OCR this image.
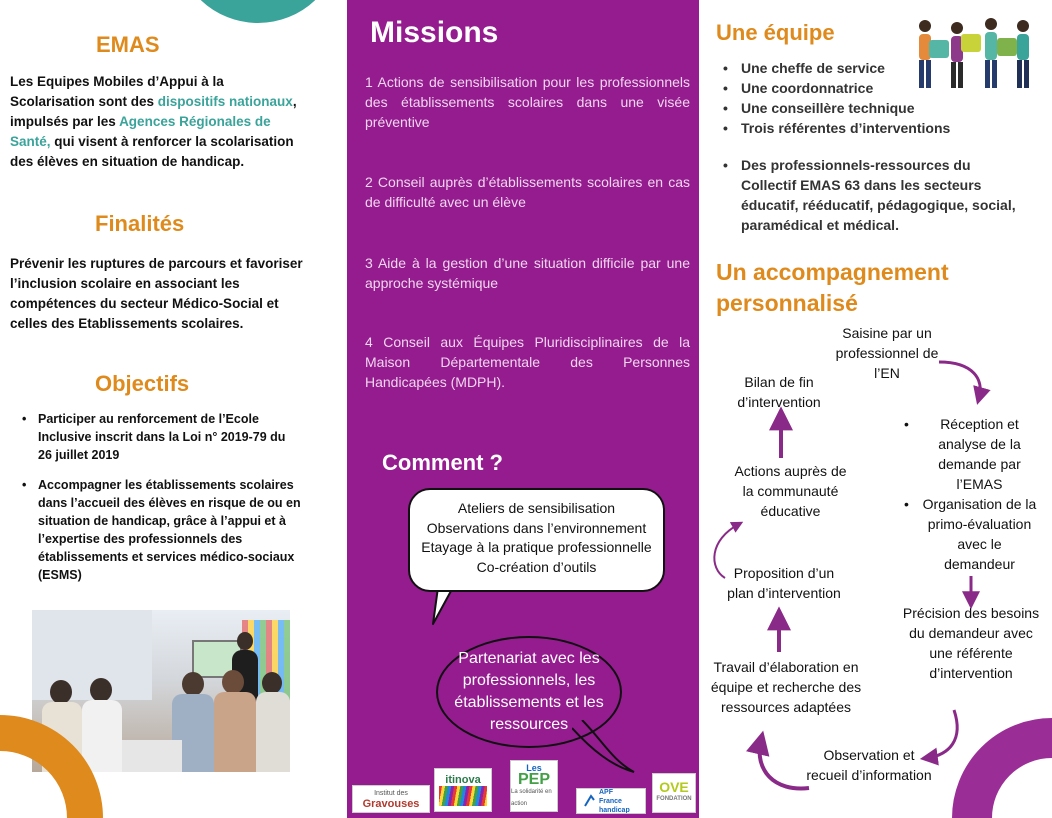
EMAS

Les Equipes Mobiles d’Appui à la Scolarisation sont des dispositifs nationaux, impulsés par les Agences Régionales de Santé, qui visent à renforcer la scolarisation des élèves en situation de handicap.

Finalités

Prévenir les ruptures de parcours et favoriser l’inclusion scolaire en associant les compétences du secteur Médico-Social et celles des Etablissements scolaires.

Objectifs
• Participer au renforcement de l’Ecole Inclusive inscrit dans la Loi n° 2019-79 du 26 juillet 2019
• Accompagner les établissements scolaires dans l’accueil des élèves en risque de ou en situation de handicap, grâce à l’appui et à l’expertise des professionnels des établissements et services médico-sociaux (ESMS)
Missions

1 Actions de sensibilisation pour les professionnels des établissements scolaires dans une visée préventive

2 Conseil auprès d’établissements scolaires en cas de difficulté avec un élève

3 Aide à la gestion d’une situation difficile par une approche systémique

4 Conseil aux Équipes Pluridisciplinaires de la Maison Départementale des Personnes Handicapées (MDPH).

Comment ?
Ateliers de sensibilisation
Observations dans l’environnement
Etayage à la pratique professionnelle
Co-création d’outils
Partenariat avec les professionnels, les établissements et les ressources
Institut des
Gravouses
itinova
Les
PEP
La solidarité en action
APF
France
handicap
OVE
FONDATION
Une équipe
• Une cheffe de service
• Une coordonnatrice
• Une conseillère technique
• Trois référentes d’interventions
• Des professionnels-ressources du Collectif EMAS 63 dans les secteurs éducatif, rééducatif, pédagogique, social, paramédical et médical.
Un accompagnement
personnalisé
Saisine par un professionnel de l’EN
• Réception et analyse de la demande par l’EMAS
• Organisation de la primo-évaluation avec le demandeur
Précision des besoins du demandeur avec une référente d’intervention
Observation et recueil d’information
Travail d’élaboration en équipe et recherche des ressources adaptées
Proposition d’un plan d’intervention
Actions auprès de la communauté éducative
Bilan de fin d’intervention
